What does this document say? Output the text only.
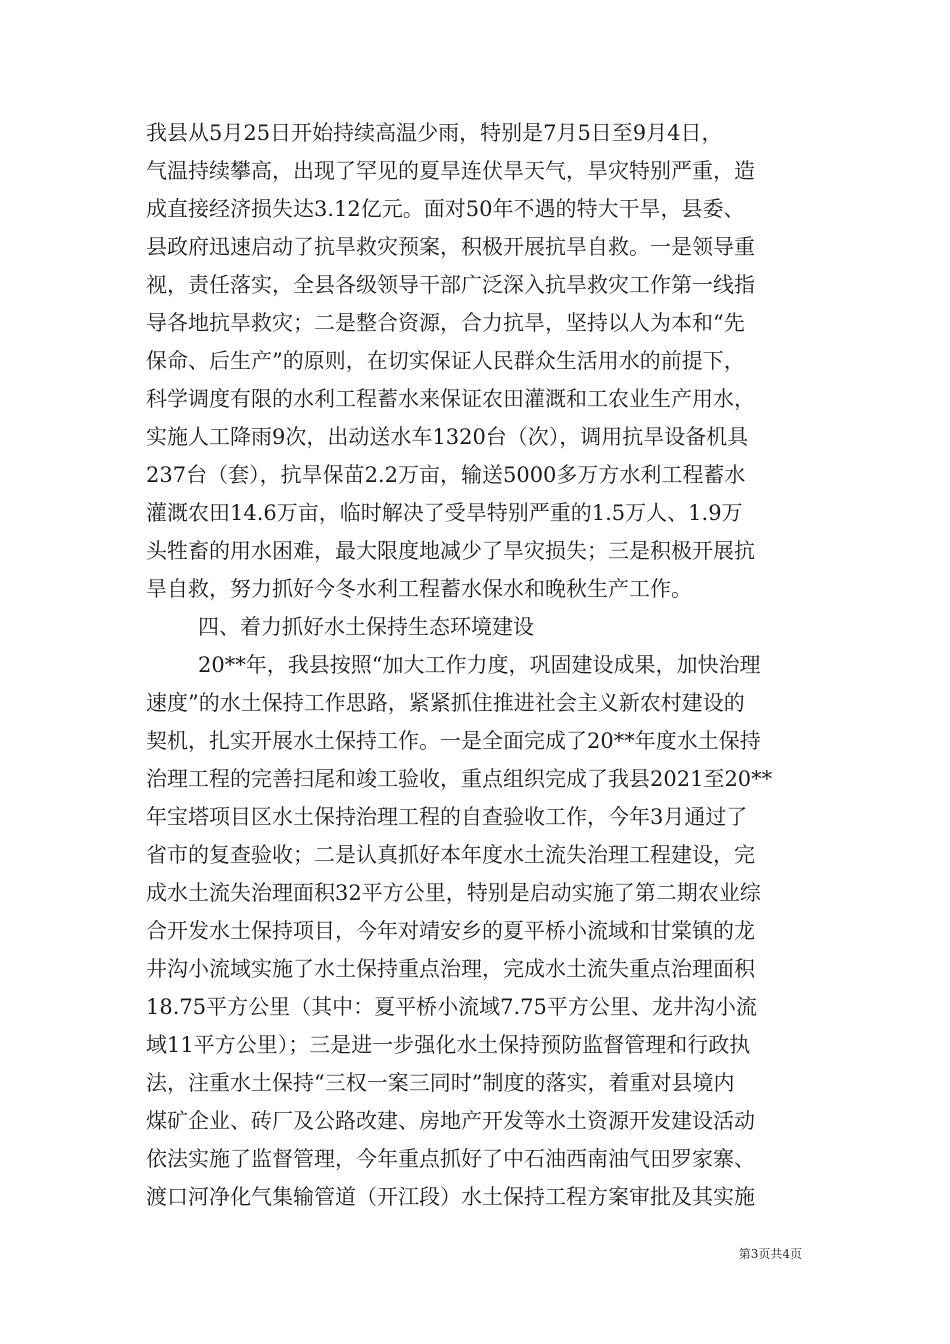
我县从5月25日开始持续高温少雨，特别是7月5日至9月4日，
气温持续攀高，出现了罕见的夏旱连伏旱天气，旱灾特别严重，造
成直接经济损失达3.12亿元。面对50年不遇的特大干旱，县委、
县政府迅速启动了抗旱救灾预案，积极开展抗旱自救。一是领导重
视，责任落实，全县各级领导干部广泛深入抗旱救灾工作第一线指
导各地抗旱救灾；二是整合资源，合力抗旱，坚持以人为本和“先
保命、后生产”的原则，在切实保证人民群众生活用水的前提下，
科学调度有限的水利工程蓄水来保证农田灌溉和工农业生产用水，
实施人工降雨9次，出动送水车1320台（次），调用抗旱设备机具
237台（套），抗旱保苗2.2万亩，输送5000多万方水利工程蓄水
灌溉农田14.6万亩，临时解决了受旱特别严重的1.5万人、1.9万
头牲畜的用水困难，最大限度地减少了旱灾损失；三是积极开展抗
旱自救，努力抓好今冬水利工程蓄水保水和晚秋生产工作。
四、着力抓好水土保持生态环境建设
20**年，我县按照“加大工作力度，巩固建设成果，加快治理
速度”的水土保持工作思路，紧紧抓住推进社会主义新农村建设的
契机，扎实开展水土保持工作。一是全面完成了20**年度水土保持
治理工程的完善扫尾和竣工验收，重点组织完成了我县2021至20**
年宝塔项目区水土保持治理工程的自查验收工作，今年3月通过了
省市的复查验收；二是认真抓好本年度水土流失治理工程建设，完
成水土流失治理面积32平方公里，特别是启动实施了第二期农业综
合开发水土保持项目，今年对靖安乡的夏平桥小流域和甘棠镇的龙
井沟小流域实施了水土保持重点治理，完成水土流失重点治理面积
18.75平方公里（其中：夏平桥小流域7.75平方公里、龙井沟小流
域11平方公里）；三是进一步强化水土保持预防监督管理和行政执
法，注重水土保持“三权一案三同时”制度的落实，着重对县境内
煤矿企业、砖厂及公路改建、房地产开发等水土资源开发建设活动
依法实施了监督管理，今年重点抓好了中石油西南油气田罗家寨、
渡口河净化气集输管道（开江段）水土保持工程方案审批及其实施
第3页共4页
